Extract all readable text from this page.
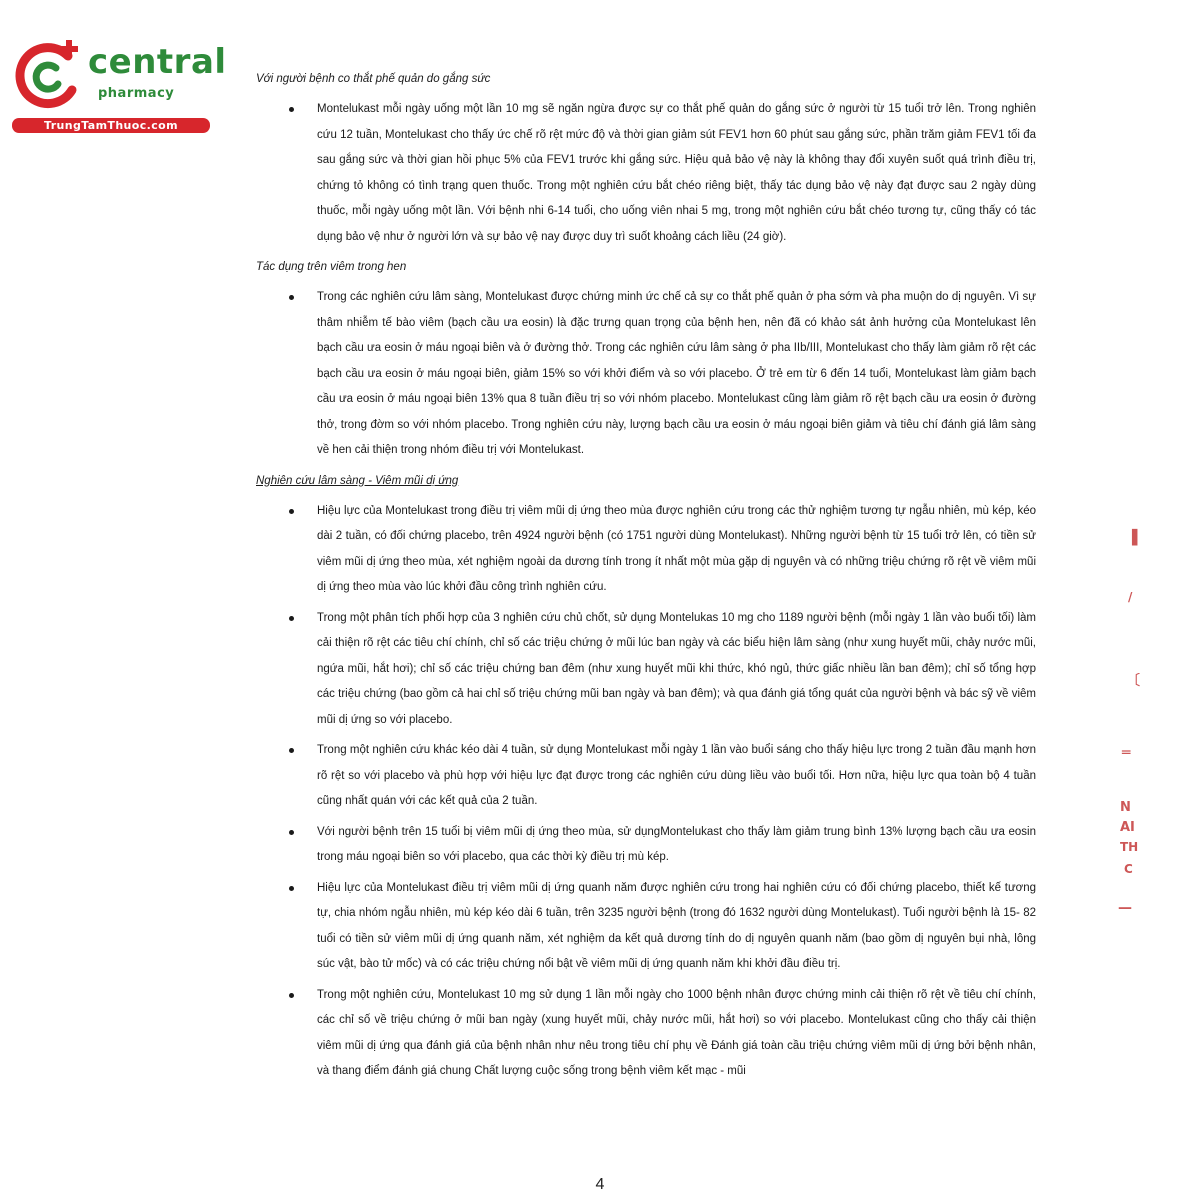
central
pharmacy
TrungTamThuoc.com

Với người bệnh co thắt phế quản do gắng sức

Montelukast mỗi ngày uống một lần 10 mg sẽ ngăn ngừa được sự co thắt phế quản do gắng sức ở người từ 15 tuổi trở lên. Trong nghiên cứu 12 tuần, Montelukast cho thấy ức chế rõ rệt mức độ và thời gian giảm sút FEV1 hơn 60 phút sau gắng sức, phần trăm giảm FEV1 tối đa sau gắng sức và thời gian hồi phục 5% của FEV1 trước khi gắng sức. Hiệu quả bảo vệ này là không thay đổi xuyên suốt quá trình điều trị, chứng tỏ không có tình trạng quen thuốc. Trong một nghiên cứu bắt chéo riêng biệt, thấy tác dụng bảo vệ này đạt được sau 2 ngày dùng thuốc, mỗi ngày uống một lần. Với bệnh nhi 6-14 tuổi, cho uống viên nhai 5 mg, trong một nghiên cứu bắt chéo tương tự, cũng thấy có tác dụng bảo vệ như ở người lớn và sự bảo vệ nay được duy trì suốt khoảng cách liều (24 giờ).

Tác dụng trên viêm trong hen

Trong các nghiên cứu lâm sàng, Montelukast được chứng minh ức chế cả sự co thắt phế quản ở pha sớm và pha muộn do dị nguyên. Vì sự thâm nhiễm tế bào viêm (bạch cầu ưa eosin) là đặc trưng quan trọng của bệnh hen, nên đã có khảo sát ảnh hưởng của Montelukast lên bạch cầu ưa eosin ở máu ngoại biên và ở đường thở. Trong các nghiên cứu lâm sàng ở pha IIb/III, Montelukast cho thấy làm giảm rõ rệt các bạch cầu ưa eosin ở máu ngoại biên, giảm 15% so với khởi điểm và so với placebo. Ở trẻ em từ 6 đến 14 tuổi, Montelukast làm giảm bạch cầu ưa eosin ở máu ngoại biên 13% qua 8 tuần điều trị so với nhóm placebo. Montelukast cũng làm giảm rõ rệt bạch cầu ưa eosin ở đường thở, trong đờm so với nhóm placebo. Trong nghiên cứu này, lượng bạch cầu ưa eosin ở máu ngoại biên giảm và tiêu chí đánh giá lâm sàng về hen cải thiện trong nhóm điều trị với Montelukast.

Nghiên cứu lâm sàng - Viêm mũi dị ứng

Hiệu lực của Montelukast trong điều trị viêm mũi dị ứng theo mùa được nghiên cứu trong các thử nghiệm tương tự ngẫu nhiên, mù kép, kéo dài 2 tuần, có đối chứng placebo, trên 4924 người bệnh (có 1751 người dùng Montelukast). Những người bệnh từ 15 tuổi trở lên, có tiền sử viêm mũi dị ứng theo mùa, xét nghiệm ngoài da dương tính trong ít nhất một mùa gặp dị nguyên và có những triệu chứng rõ rệt về viêm mũi dị ứng theo mùa vào lúc khởi đầu công trình nghiên cứu.
Trong một phân tích phối hợp của 3 nghiên cứu chủ chốt, sử dụng Montelukas 10 mg cho 1189 người bệnh (mỗi ngày 1 lần vào buổi tối) làm cải thiện rõ rệt các tiêu chí chính, chỉ số các triệu chứng ở mũi lúc ban ngày và các biểu hiện lâm sàng (như xung huyết mũi, chảy nước mũi, ngứa mũi, hắt hơi); chỉ số các triệu chứng ban đêm (như xung huyết mũi khi thức, khó ngủ, thức giấc nhiều lần ban đêm); chỉ số tổng hợp các triệu chứng (bao gồm cả hai chỉ số triệu chứng mũi ban ngày và ban đêm); và qua đánh giá tổng quát của người bệnh và bác sỹ về viêm mũi dị ứng so với placebo.
Trong một nghiên cứu khác kéo dài 4 tuần, sử dụng Montelukast mỗi ngày 1 lần vào buổi sáng cho thấy hiệu lực trong 2 tuần đầu mạnh hơn rõ rệt so với placebo và phù hợp với hiệu lực đạt được trong các nghiên cứu dùng liều vào buổi tối. Hơn nữa, hiệu lực qua toàn bộ 4 tuần cũng nhất quán với các kết quả của 2 tuần.
Với người bệnh trên 15 tuổi bị viêm mũi dị ứng theo mùa, sử dụngMontelukast cho thấy làm giảm trung bình 13% lượng bạch cầu ưa eosin trong máu ngoại biên so với placebo, qua các thời kỳ điều trị mù kép.
Hiệu lực của Montelukast điều trị viêm mũi dị ứng quanh năm được nghiên cứu trong hai nghiên cứu có đối chứng placebo, thiết kế tương tự, chia nhóm ngẫu nhiên, mù kép kéo dài 6 tuần, trên 3235 người bệnh (trong đó 1632 người dùng Montelukast). Tuổi người bệnh là 15- 82 tuổi có tiền sử viêm mũi dị ứng quanh năm, xét nghiệm da kết quả dương tính do dị nguyên quanh năm (bao gồm dị nguyên bụi nhà, lông súc vật, bào tử mốc) và có các triệu chứng nổi bật về viêm mũi dị ứng quanh năm khi khởi đầu điều trị.
Trong một nghiên cứu, Montelukast 10 mg sử dụng 1 lần mỗi ngày cho 1000 bệnh nhân được chứng minh cải thiện rõ rệt về tiêu chí chính, các chỉ số về triệu chứng ở mũi ban ngày (xung huyết mũi, chảy nước mũi, hắt hơi) so với placebo. Montelukast cũng cho thấy cải thiện viêm mũi dị ứng qua đánh giá của bệnh nhân như nêu trong tiêu chí phụ về Đánh giá toàn cầu triệu chứng viêm mũi dị ứng bởi bệnh nhân, và thang điểm đánh giá chung Chất lượng cuộc sống trong bệnh viêm kết mạc - mũi
▌
/
〔
═
N
AI
TH
C
—
4
